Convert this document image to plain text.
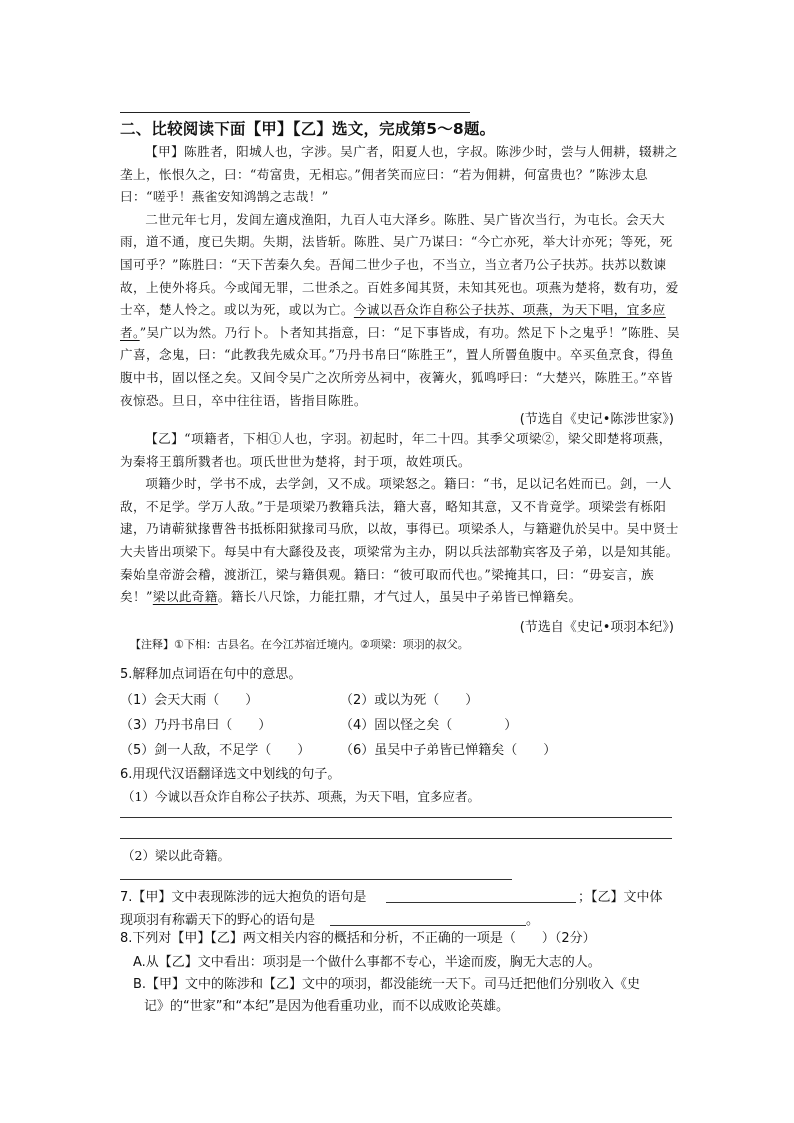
二、比较阅读下面【甲】【乙】选文，完成第5～8题。

【甲】陈胜者，阳城人也，字涉。吴广者，阳夏人也，字叔。陈涉少时，尝与人佣耕，辍耕之垄上，怅恨久之，曰：“苟富贵，无相忘。”佣者笑而应曰：“若为佣耕，何富贵也？”陈涉太息曰：“嗟乎！燕雀安知鸿鹄之志哉！”

二世元年七月，发闾左適戍渔阳，九百人屯大泽乡。陈胜、吴广皆次当行，为屯长。会天大雨，道不通，度已失期。失期，法皆斩。陈胜、吴广乃谋曰：“今亡亦死，举大计亦死；等死，死国可乎？”陈胜曰：“天下苦秦久矣。吾闻二世少子也，不当立，当立者乃公子扶苏。扶苏以数谏故，上使外将兵。今或闻无罪，二世杀之。百姓多闻其贤，未知其死也。项燕为楚将，数有功，爱士卒，楚人怜之。或以为死，或以为亡。今诚以吾众诈自称公子扶苏、项燕，为天下唱，宜多应者。”吴广以为然。乃行卜。卜者知其指意，曰：“足下事皆成，有功。然足下卜之鬼乎！”陈胜、吴广喜，念鬼，曰：“此教我先威众耳。”乃丹书帛曰“陈胜王”，置人所罾鱼腹中。卒买鱼烹食，得鱼腹中书，固以怪之矣。又间令吴广之次所旁丛祠中，夜篝火，狐鸣呼曰：“大楚兴，陈胜王。”卒皆夜惊恐。旦日，卒中往往语，皆指目陈胜。

(节选自《史记•陈涉世家》)

【乙】“项籍者，下相①人也，字羽。初起时，年二十四。其季父项梁②，梁父即楚将项燕，为秦将王翦所戮者也。项氏世世为楚将，封于项，故姓项氏。

项籍少时，学书不成，去学剑，又不成。项梁怒之。籍曰：“书，足以记名姓而已。剑，一人敌，不足学。学万人敌。”于是项梁乃教籍兵法，籍大喜，略知其意，又不肯竟学。项梁尝有栎阳逮，乃请蕲狱掾曹咎书抵栎阳狱掾司马欣，以故，事得已。项梁杀人，与籍避仇於吴中。吴中贤士大夫皆出项梁下。每吴中有大繇役及丧，项梁常为主办，阴以兵法部勒宾客及子弟，以是知其能。秦始皇帝游会稽，渡浙江，梁与籍俱观。籍曰：“彼可取而代也。”梁掩其口，曰：“毋妄言，族矣！”梁以此奇籍。籍长八尺馀，力能扛鼎，才气过人，虽吴中子弟皆已惮籍矣。

(节选自《史记•项羽本纪》)
【注释】①下相：古县名。在今江苏宿迁境内。②项梁：项羽的叔父。
5.解释加点词语在句中的意思。
（1）会天大雨（　　）	（2）或以为死（　　）
（3）乃丹书帛曰（　　）	（4）固以怪之矣（　　　　）
（5）剑一人敌，不足学（　　） （6）虽吴中子弟皆已惮籍矣（　　）
6.用现代汉语翻译选文中划线的句子。
（1）今诚以吾众诈自称公子扶苏、项燕，为天下唱，宜多应者。
（2）梁以此奇籍。
7.【甲】文中表现陈涉的远大抱负的语句是	；【乙】文中体
现项羽有称霸天下的野心的语句是	。
8.下列对【甲】【乙】两文相关内容的概括和分析，不正确的一项是（　　）（2分）
A.从【乙】文中看出：项羽是一个做什么事都不专心，半途而废，胸无大志的人。
B.【甲】文中的陈涉和【乙】文中的项羽，都没能统一天下。司马迁把他们分别收入《史
记》的“世家”和“本纪”是因为他看重功业，而不以成败论英雄。
